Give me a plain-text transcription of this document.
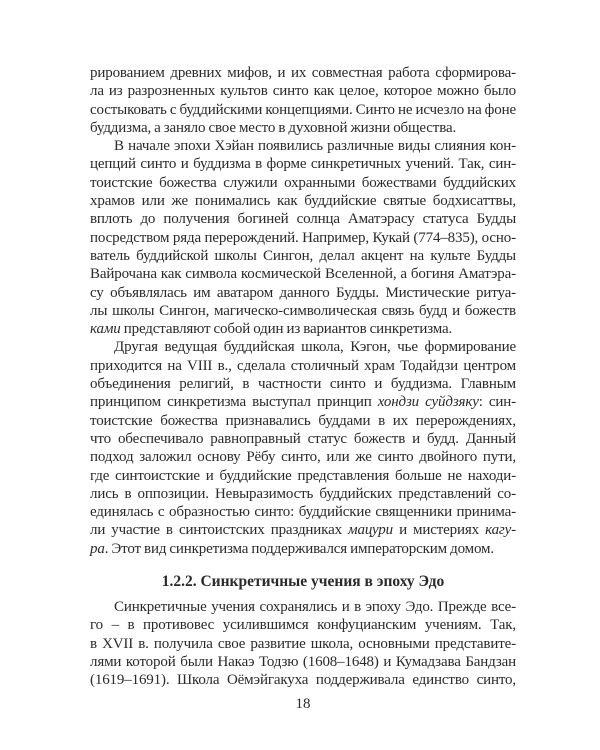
рированием древних мифов, и их совместная работа сформирова-
ла из разрозненных культов синто как целое, которое можно было
состыковать с буддийскими концепциями. Синто не исчезло на фоне
буддизма, а заняло свое место в духовной жизни общества.
В начале эпохи Хэйан появились различные виды слияния кон-
цепций синто и буддизма в форме синкретичных учений. Так, син-
тоистские божества служили охранными божествами буддийских
храмов или же понимались как буддийские святые бодхисаттвы,
вплоть до получения богиней солнца Аматэрасу статуса Будды
посредством ряда перерождений. Например, Кукай (774–835), осно-
ватель буддийской школы Сингон, делал акцент на культе Будды
Вайрочана как символа космической Вселенной, а богиня Аматэра-
су объявлялась им аватаром данного Будды. Мистические ритуа-
лы школы Сингон, магическо-символическая связь будд и божеств
ками представляют собой один из вариантов синкретизма.
Другая ведущая буддийская школа, Кэгон, чье формирование
приходится на VIII в., сделала столичный храм Тодайдзи центром
объединения религий, в частности синто и буддизма. Главным
принципом синкретизма выступал принцип хондзи суйдзяку: син-
тоистские божества признавались буддами в их перерождениях,
что обеспечивало равноправный статус божеств и будд. Данный
подход заложил основу Рёбу синто, или же синто двойного пути,
где синтоистские и буддийские представления больше не находи-
лись в оппозиции. Невыразимость буддийских представлений со-
единялась с образностью синто: буддийские священники принима-
ли участие в синтоистских праздниках мацури и мистериях кагу-
ра. Этот вид синкретизма поддерживался императорским домом.
1.2.2. Синкретичные учения в эпоху Эдо
Синкретичные учения сохранялись и в эпоху Эдо. Прежде все-
го – в противовес усилившимся конфуцианским учениям. Так,
в XVII в. получила свое развитие школа, основными представите-
лями которой были Накаэ Тодзю (1608–1648) и Кумадзава Бандзан
(1619–1691). Школа Оёмэйгакуха поддерживала единство синто,
18
